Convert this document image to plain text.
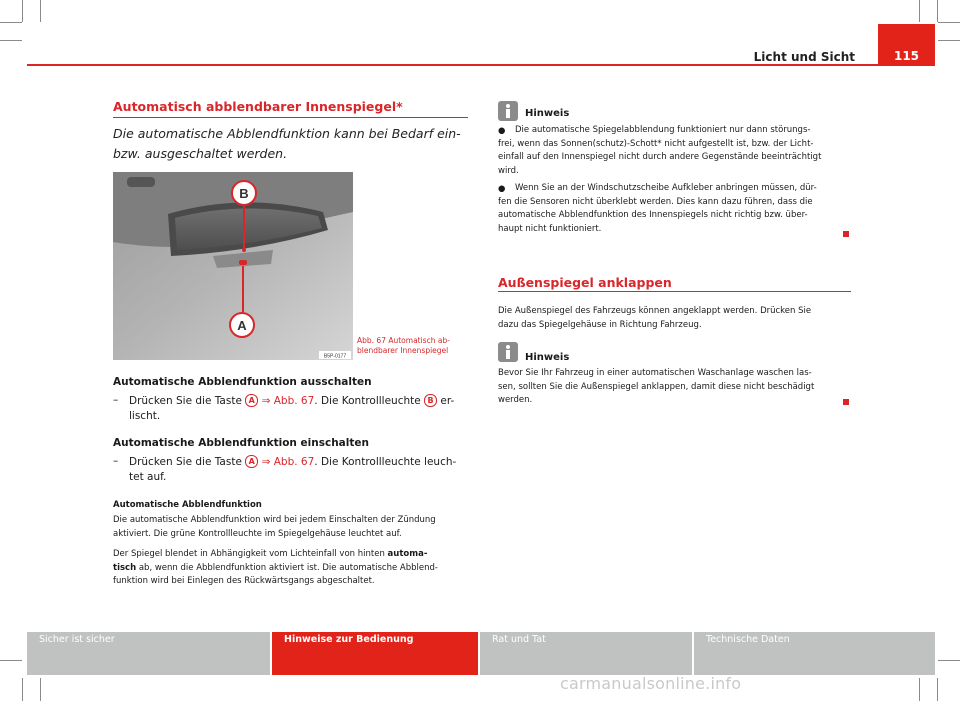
Licht und Sicht	115
Automatisch abblendbarer Innenspiegel*
Die automatische Abblendfunktion kann bei Bedarf ein- bzw. ausgeschaltet werden.
B
A
B5P-0177
Abb. 67 Automatisch ab-blendbarer Innenspiegel
Automatische Abblendfunktion ausschalten
– Drücken Sie die Taste A ⇒ Abb. 67. Die Kontrollleuchte B er-
lischt.
Automatische Abblendfunktion einschalten
– Drücken Sie die Taste A ⇒ Abb. 67. Die Kontrollleuchte leuch-
tet auf.
Automatische Abblendfunktion
Die automatische Abblendfunktion wird bei jedem Einschalten der Zündung
aktiviert. Die grüne Kontrollleuchte im Spiegelgehäuse leuchtet auf.
Der Spiegel blendet in Abhängigkeit vom Lichteinfall von hinten automa-
tisch ab, wenn die Abblendfunktion aktiviert ist. Die automatische Abblend-
funktion wird bei Einlegen des Rückwärtsgangs abgeschaltet.
Hinweis
●	Die automatische Spiegelabblendung funktioniert nur dann störungs-
frei, wenn das Sonnen(schutz)-Schott* nicht aufgestellt ist, bzw. der Licht-
einfall auf den Innenspiegel nicht durch andere Gegenstände beeinträchtigt
wird.
●	Wenn Sie an der Windschutzscheibe Aufkleber anbringen müssen, dür-
fen die Sensoren nicht überklebt werden. Dies kann dazu führen, dass die
automatische Abblendfunktion des Innenspiegels nicht richtig bzw. über-
haupt nicht funktioniert.
Außenspiegel anklappen
Die Außenspiegel des Fahrzeugs können angeklappt werden. Drücken Sie
dazu das Spiegelgehäuse in Richtung Fahrzeug.
Hinweis
Bevor Sie Ihr Fahrzeug in einer automatischen Waschanlage waschen las-
sen, sollten Sie die Außenspiegel anklappen, damit diese nicht beschädigt
werden.
Sicher ist sicher	Hinweise zur Bedienung	Rat und Tat	Technische Daten
carmanualsonline.info
